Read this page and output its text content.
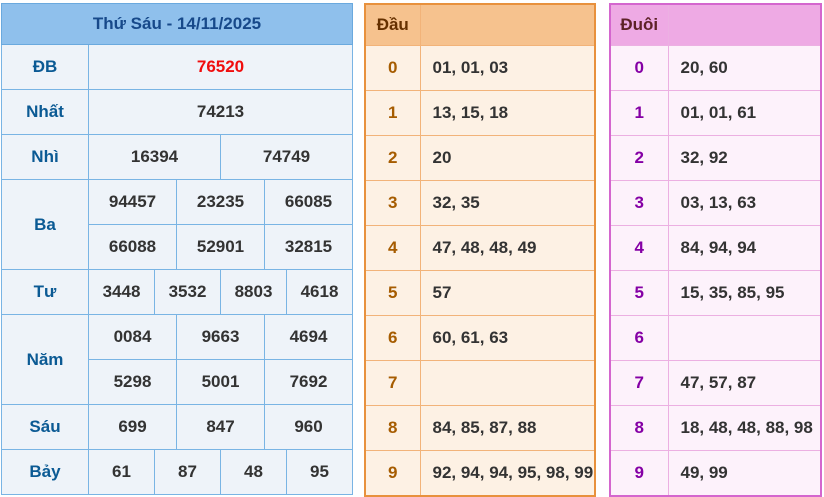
Thứ Sáu - 14/11/2025						
ĐB	76520					
Nhất	74213					
Nhì	16394			74749		
Ba	94457		23235		66085	
	66088		52901		32815	
Tư	3448	3532		8803		4618
Năm	0084		9663		4694	
	5298		5001		7692	
Sáu	699		847		960	
Bảy	61	87		48		95
Đầu	
0	01, 01, 03
1	13, 15, 18
2	20
3	32, 35
4	47, 48, 48, 49
5	57
6	60, 61, 63
7	
8	84, 85, 87, 88
9	92, 94, 94, 95, 98, 99
Đuôi	
0	20, 60
1	01, 01, 61
2	32, 92
3	03, 13, 63
4	84, 94, 94
5	15, 35, 85, 95
6	
7	47, 57, 87
8	18, 48, 48, 88, 98
9	49, 99
